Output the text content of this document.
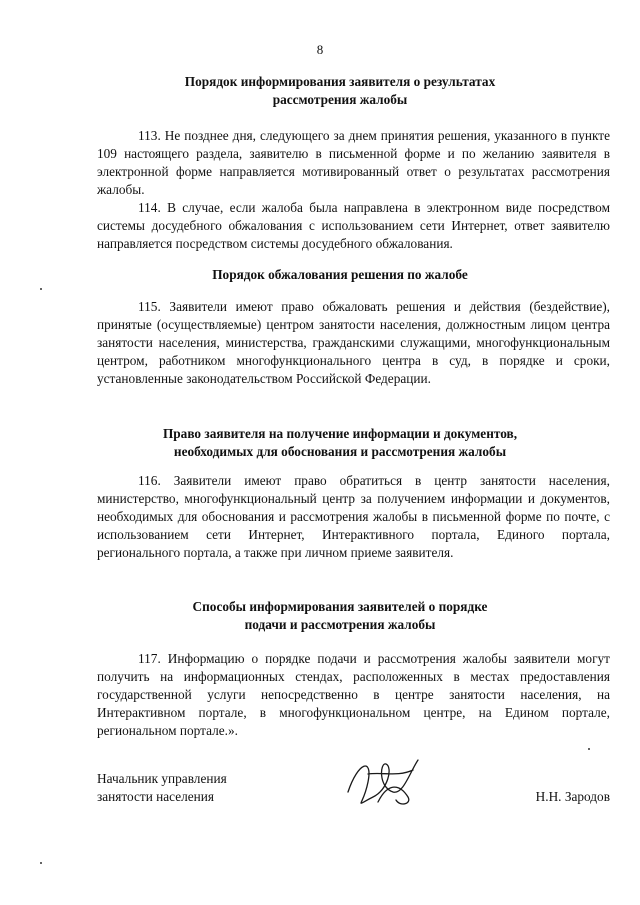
8
Порядок информирования заявителя о результатах
рассмотрения жалобы

113. Не позднее дня, следующего за днем принятия решения, указанного в пункте 109 настоящего раздела, заявителю в письменной форме и по желанию заявителя в электронной форме направляется мотивированный ответ о результатах рассмотрения жалобы.

114. В случае, если жалоба была направлена в электронном виде посредством системы досудебного обжалования с использованием сети Интернет, ответ заявителю направляется посредством системы досудебного обжалования.

Порядок обжалования решения по жалобе

115. Заявители имеют право обжаловать решения и действия (бездействие), принятые (осуществляемые) центром занятости населения, должностным лицом центра занятости населения, министерства, гражданскими служащими, многофункциональным центром, работником многофункционального центра в суд, в порядке и сроки, установленные законодательством Российской Федерации.

Право заявителя на получение информации и документов,
необходимых для обоснования и рассмотрения жалобы

116. Заявители имеют право обратиться в центр занятости населения, министерство, многофункциональный центр за получением информации и документов, необходимых для обоснования и рассмотрения жалобы в письменной форме по почте, с использованием сети Интернет, Интерактивного портала, Единого портала, регионального портала, а также при личном приеме заявителя.

Способы информирования заявителей о порядке
подачи и рассмотрения жалобы

117. Информацию о порядке подачи и рассмотрения жалобы заявители могут получить на информационных стендах, расположенных в местах предоставления государственной услуги непосредственно в центре занятости населения, на Интерактивном портале, в многофункциональном центре, на Едином портале, региональном портале.».

Начальник управления
занятости населения	Н.Н. Зародов
